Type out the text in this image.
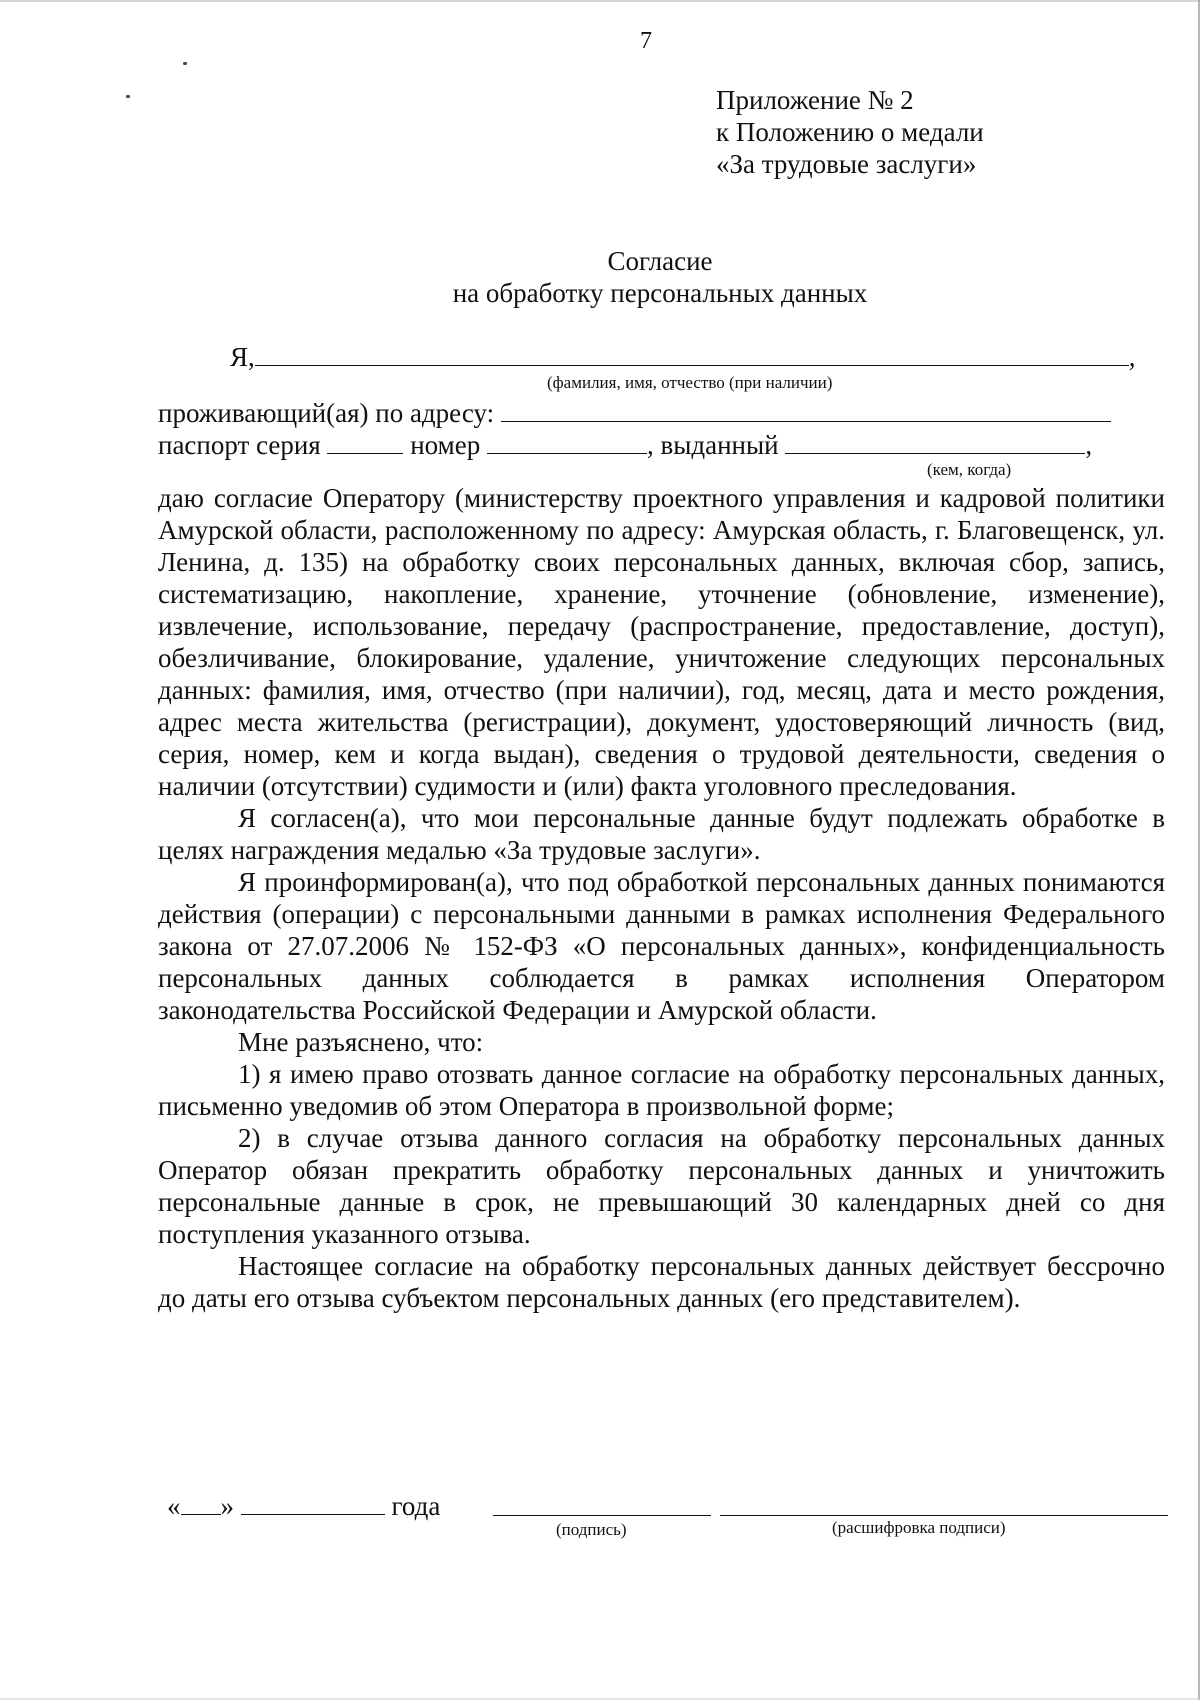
7
Приложение № 2
к Положению о медали
«За трудовые заслуги»
Согласие
на обработку персональных данных
Я,	,
(фамилия, имя, отчество (при наличии)
проживающий(ая) по адресу:
паспорт серия	номер	, выданный	,
(кем, когда)

даю согласие Оператору (министерству проектного управления и кадровой политики Амурской области, расположенному по адресу: Амурская область, г. Благовещенск, ул. Ленина, д. 135) на обработку своих персональных данных, включая сбор, запись, систематизацию, накопление, хранение, уточнение (обновление, изменение), извлечение, использование, передачу (распространение, предоставление, доступ), обезличивание, блокирование, удаление, уничтожение следующих персональных данных: фамилия, имя, отчество (при наличии), год, месяц, дата и место рождения, адрес места жительства (регистрации), документ, удостоверяющий личность (вид, серия, номер, кем и когда выдан), сведения о трудовой деятельности, сведения о наличии (отсутствии) судимости и (или) факта уголовного преследования.

Я согласен(а), что мои персональные данные будут подлежать обработке в целях награждения медалью «За трудовые заслуги».

Я проинформирован(а), что под обработкой персональных данных понимаются действия (операции) с персональными данными в рамках исполнения Федерального закона от 27.07.2006 № 152-ФЗ «О персональных данных», конфиденциальность персональных данных соблюдается в рамках исполнения Оператором законодательства Российской Федерации и Амурской области.

Мне разъяснено, что:

1) я имею право отозвать данное согласие на обработку персональных данных, письменно уведомив об этом Оператора в произвольной форме;

2) в случае отзыва данного согласия на обработку персональных данных Оператор обязан прекратить обработку персональных данных и уничтожить персональные данные в срок, не превышающий 30 календарных дней со дня поступления указанного отзыва.

Настоящее согласие на обработку персональных данных действует бессрочно до даты его отзыва субъектом персональных данных (его представителем).

« »	года
(подпись)	(расшифровка подписи)
